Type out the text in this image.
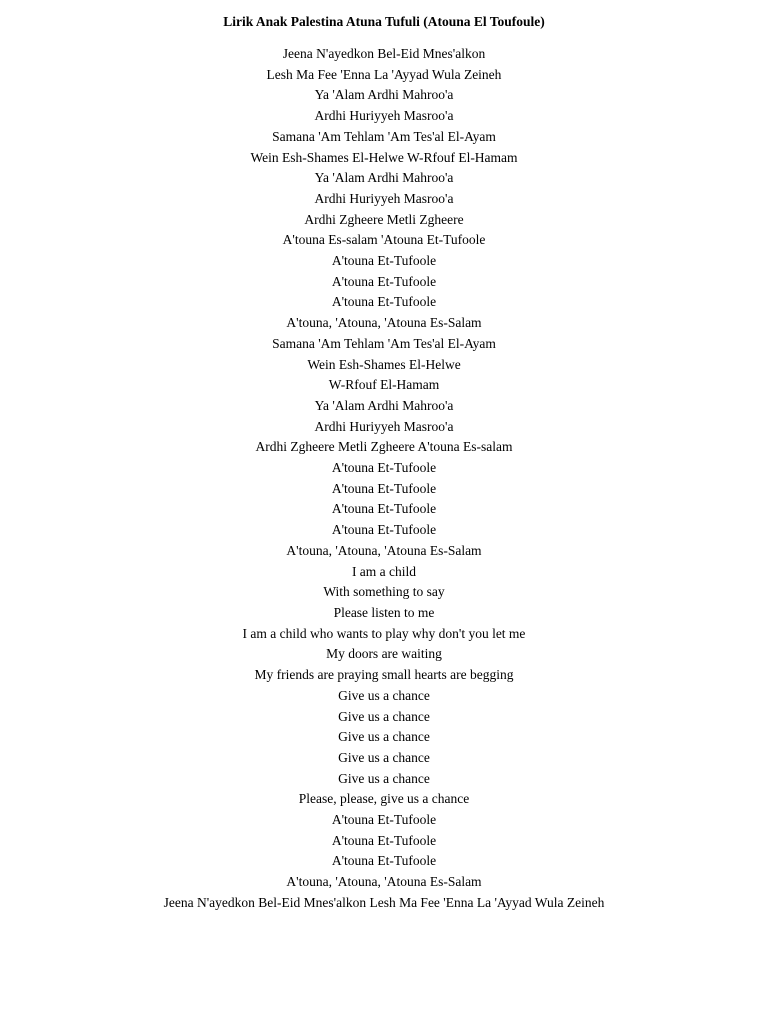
Lirik Anak Palestina Atuna Tufuli (Atouna El Toufoule)
Jeena N'ayedkon Bel-Eid Mnes'alkon
Lesh Ma Fee 'Enna La 'Ayyad Wula Zeineh
Ya 'Alam Ardhi Mahroo'a
Ardhi Huriyyeh Masroo'a
Samana 'Am Tehlam 'Am Tes'al El-Ayam
Wein Esh-Shames El-Helwe W-Rfouf El-Hamam
Ya 'Alam Ardhi Mahroo'a
Ardhi Huriyyeh Masroo'a
Ardhi Zgheere Metli Zgheere
A'touna Es-salam 'Atouna Et-Tufoole
A'touna Et-Tufoole
A'touna Et-Tufoole
A'touna Et-Tufoole
A'touna, 'Atouna, 'Atouna Es-Salam
Samana 'Am Tehlam 'Am Tes'al El-Ayam
Wein Esh-Shames El-Helwe
W-Rfouf El-Hamam
Ya 'Alam Ardhi Mahroo'a
Ardhi Huriyyeh Masroo'a
Ardhi Zgheere Metli Zgheere A'touna Es-salam
A'touna Et-Tufoole
A'touna Et-Tufoole
A'touna Et-Tufoole
A'touna Et-Tufoole
A'touna, 'Atouna, 'Atouna Es-Salam
I am a child
With something to say
Please listen to me
I am a child who wants to play why don't you let me
My doors are waiting
My friends are praying small hearts are begging
Give us a chance
Give us a chance
Give us a chance
Give us a chance
Give us a chance
Please, please, give us a chance
A'touna Et-Tufoole
A'touna Et-Tufoole
A'touna Et-Tufoole
A'touna, 'Atouna, 'Atouna Es-Salam
Jeena N'ayedkon Bel-Eid Mnes'alkon Lesh Ma Fee 'Enna La 'Ayyad Wula Zeineh
